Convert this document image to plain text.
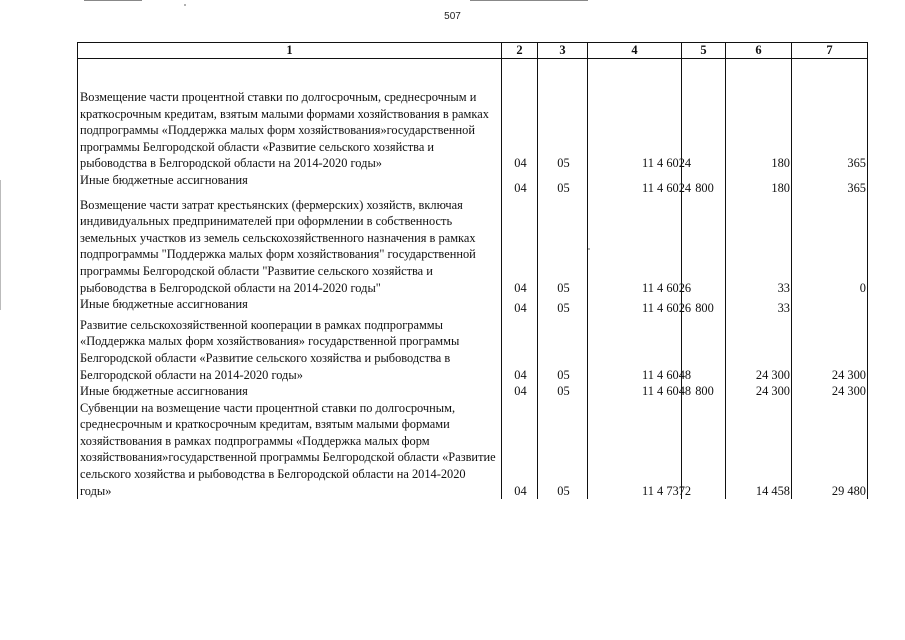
507
1	2	3	4	5	6	7
Возмещение части процентной ставки по долгосрочным, среднесрочным и краткосрочным кредитам, взятым малыми формами хозяйствования в рамках подпрограммы «Поддержка малых форм хозяйствования»государственной программы Белгородской области «Развитие сельского хозяйства и рыбоводства в Белгородской области на 2014-2020 годы»	04	05	11 4 6024		180	365
Иные бюджетные ассигнования	04	05	11 4 6024	800	180	365
Возмещение части затрат крестьянских (фермерских) хозяйств, включая индивидуальных предпринимателей при оформлении в собственность земельных участков из земель сельскохозяйственного назначения в рамках подпрограммы "Поддержка малых форм хозяйствования" государственной программы Белгородской области "Развитие сельского хозяйства и рыбоводства в Белгородской области на 2014-2020 годы"	04	05	11 4 6026		33	0
Иные бюджетные ассигнования	04	05	11 4 6026	800	33	
Развитие сельскохозяйственной кооперации в рамках подпрограммы «Поддержка малых форм хозяйствования» государственной программы Белгородской области «Развитие сельского хозяйства и рыбоводства в Белгородской области на 2014-2020 годы»	04	05	11 4 6048		24 300	24 300
Иные бюджетные ассигнования	04	05	11 4 6048	800	24 300	24 300
Субвенции на возмещение части процентной ставки по долгосрочным, среднесрочным и краткосрочным кредитам, взятым малыми формами хозяйствования в рамках подпрограммы «Поддержка малых форм хозяйствования»государственной программы Белгородской области «Развитие сельского хозяйства и рыбоводства в Белгородской области на 2014-2020 годы»	04	05	11 4 7372		14 458	29 480
